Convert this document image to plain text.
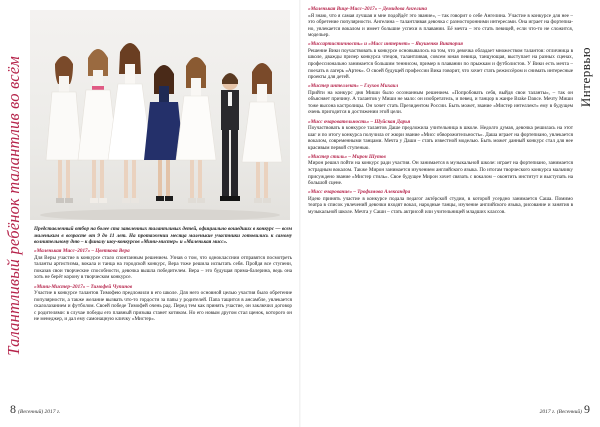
Талантливый ребёнок талантлив во всём Представленный отбор на более ста заявленных талантливых детей, официально вошедших в конкурс — всем маленьким в возрасте от 9 до 11 лет. На протяжении месяца маленькие участники готовились к самому волнительному дню – к финалу шоу-конкурсов «Мини-мистер» и «Маленькая мисс».

«Маленькая Мисс–2017» – Цветкова Вера
Для Веры участие в конкурсе стало спонтанным решением. Узнав о том, что однокласснии отправятся посмотреть таланты артистизма, вокала и танца на городской конкурс, Вера тоже решила испытать себя. Пройдя все ступени, показав свои творческие способности, девочка вышла победителем. Вера – это будущая прима-балерина, ведь она хоть не берёт корону в творческом конкурсе.

«Мини-Мистер–2017» – Тимофей Чупинов
Участие в конкурсе талантов Тимофею предложили в его школе. Для него основной целью участия было обретение популярности, а также желание вызвать что-то гордости за папы у родителей. Папа тащится в ансамбле, увлекается скалолазанием и футболом. Своей победе Тимофей очень рад. Перед тем как принять участие, он заключил договор с родителями: в случае победы его плавный призыва станет котиком. Но его новым другом стал щенок, которого он не менеджер, и дал ему самонацную кличку «Мистер».

8 (Весенний) 2017 г.

«Маленькая Вице-Мисс–2017» – Демидова Ангелина
«Я знаю, что я самая лучшая и мне подойдёт это звание», – так говорит о себе Ангелина. Участие в конкурсе для нее – это обретение популярности. Ангелина – талантливая девочка с разносторонними интересами. Она играет на фортепиано, увлекается вокалом и имеет большие успехи в плавании. Её мечта – это стать певицей, если что-то не сложится, модельер.

«Миссартистичность» и «Мисс интернет» – Якушенко Виктория
Решение Вики поучаствовать в конкурсе основывалось на том, что девочка обладает множеством талантов: отличница в школе, дважды призер конкурса чтецов, талантливая, совсем юная певица, танцующая, выступает на разных сценах, профессионально занимается большим теннисом, пример в плавании по прыжкам и футболистов. У Вики есть мечта – поехать в лагерь «Артек». О своей будущей профессии Вика говорит, что хочет стать режиссёром и снимать интересные проекты для детей.

«Мистер интеллект» – Глухов Михаил
Прийти на конкурс дня Миши было осознанным решением. «Попробовать себя, выйдя свои таланты», – так он объясняет причину. А талантов у Миши не мало: он изобретатель, и певец, и танцор в жанре Brake Dance. Мечту Миши тоже высона кастролицы. Он хочет стать Президентом России. Быть может, звание «Мистер интеллект» ему в будущем очень пригодится в достижении этой цели.

«Мисс очаровательность» – Шуйская Дарья
Поучаствовать в конкурсе талантов Даше предложила учительница в школе. Недолго думая, девочка решилась на этот шаг и по итогу конкурса получила от жюри звание «Мисс обворожительность». Даша играет на фортепиано, увлекается вокалом, современными танцами. Мечта у Даши – стать известной моделью. Быть может данный конкурс стал для нее красивым первой ступенью.

«Мистер стиль» – Мирон Шутов
Мирон решил пойти на конкурс ради участия. Он занимается в музыкальной школе: играет на фортепиано, занимается эстрадным вокалом. Также Мирон занимается изучением английского языка. По итогам творческого конкурса мальчику присуждено звание «Мистер стиль». Свое будущее Мирон хочет связать с вокалом – оконтить институт и выступать на большой сцене.

«Мисс очарование» – Трофимова Александра
Идею принять участие в конкурсе подала педагог актёрской студии, в которой усердно занимается Саша. Помимо театра в список увлечений девочки входят вокал, народные танцы, изучение английского языка, рисование и занятия в музыкальной школе. Мечта у Саши – стать актрисой или учительницей младших классов.

Интервью
2017 г. (Весенний) 9
